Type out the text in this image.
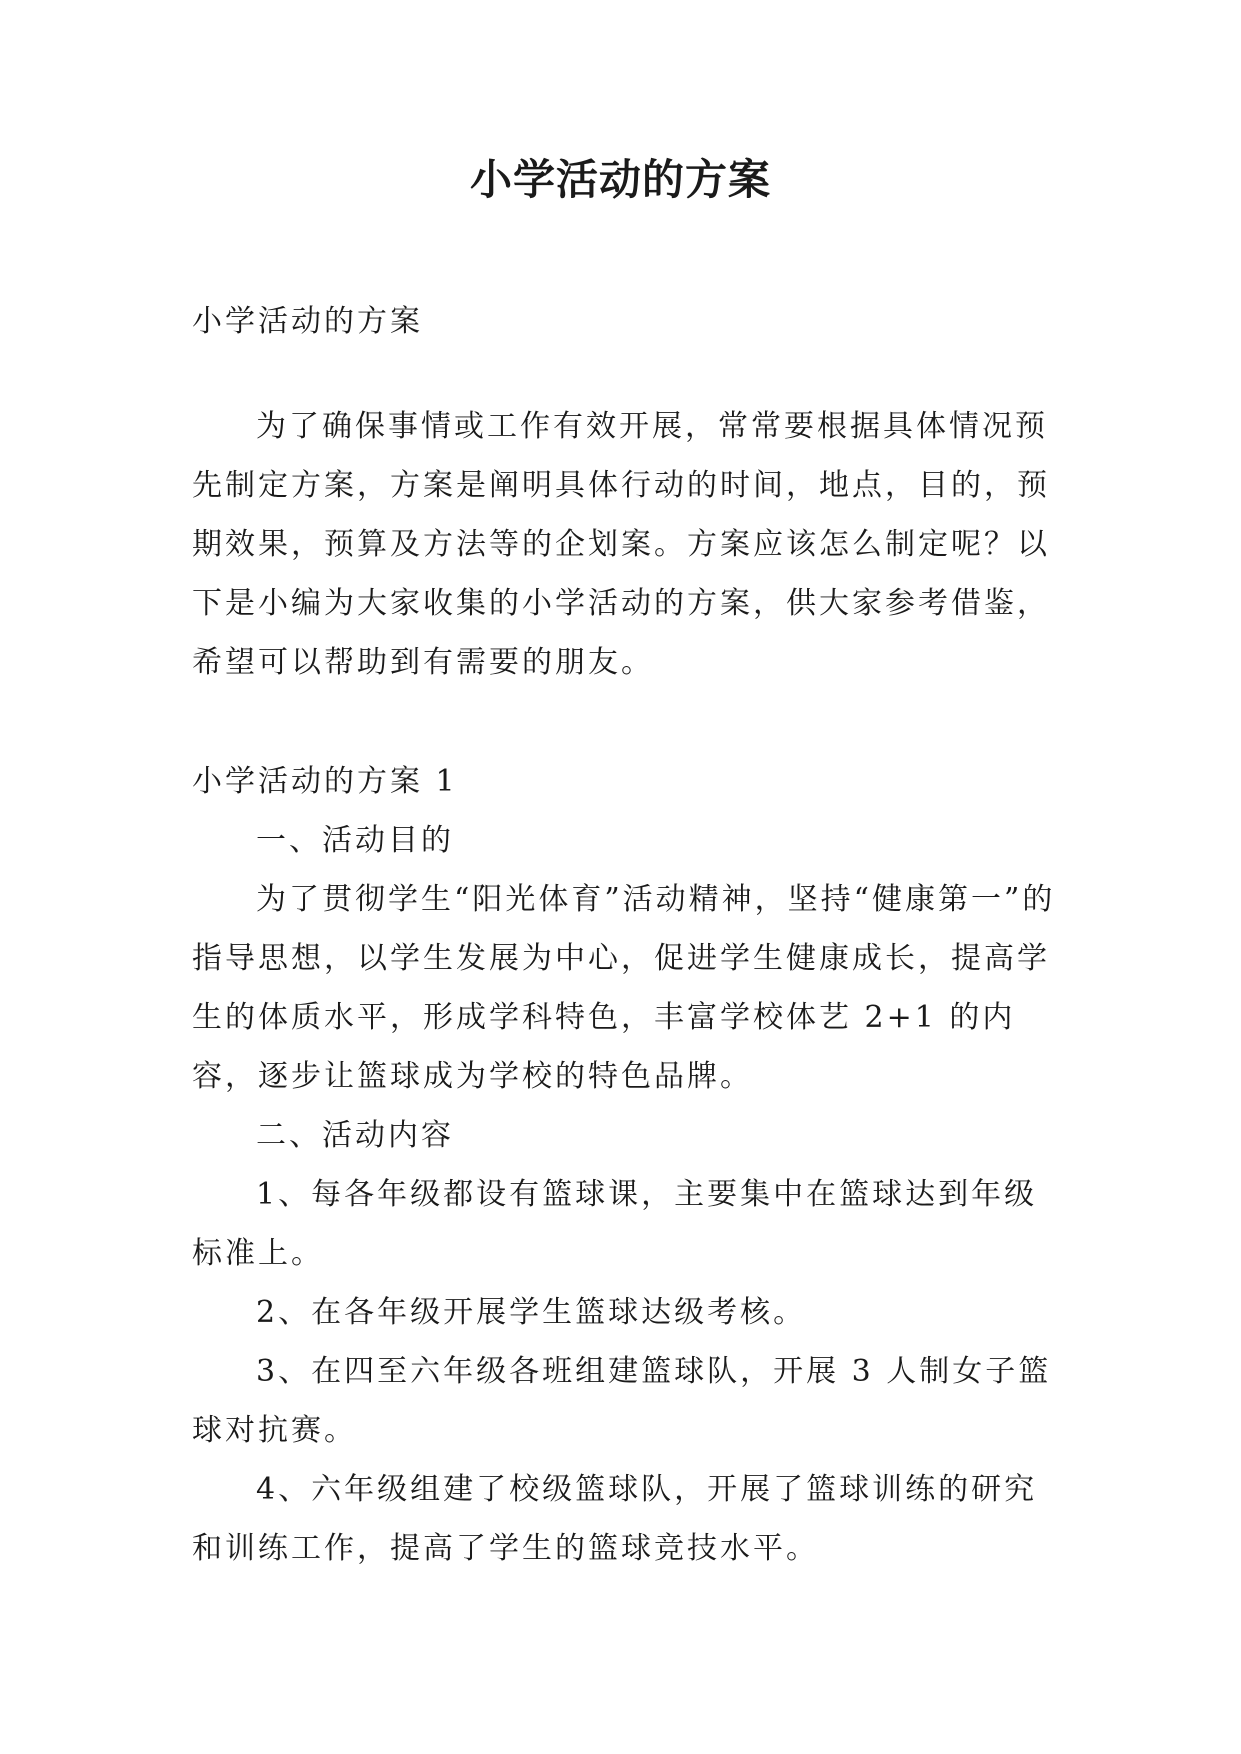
小学活动的方案

小学活动的方案

为了确保事情或工作有效开展，常常要根据具体情况预先制定方案，方案是阐明具体行动的时间，地点，目的，预期效果，预算及方法等的企划案。方案应该怎么制定呢？以下是小编为大家收集的小学活动的方案，供大家参考借鉴，希望可以帮助到有需要的朋友。

小学活动的方案 1

一、活动目的

为了贯彻学生“阳光体育”活动精神，坚持“健康第一”的指导思想，以学生发展为中心，促进学生健康成长，提高学生的体质水平，形成学科特色，丰富学校体艺 2+1 的内容，逐步让篮球成为学校的特色品牌。

二、活动内容

1、每各年级都设有篮球课，主要集中在篮球达到年级标准上。

2、在各年级开展学生篮球达级考核。

3、在四至六年级各班组建篮球队，开展 3 人制女子篮球对抗赛。

4、六年级组建了校级篮球队，开展了篮球训练的研究和训练工作，提高了学生的篮球竞技水平。
